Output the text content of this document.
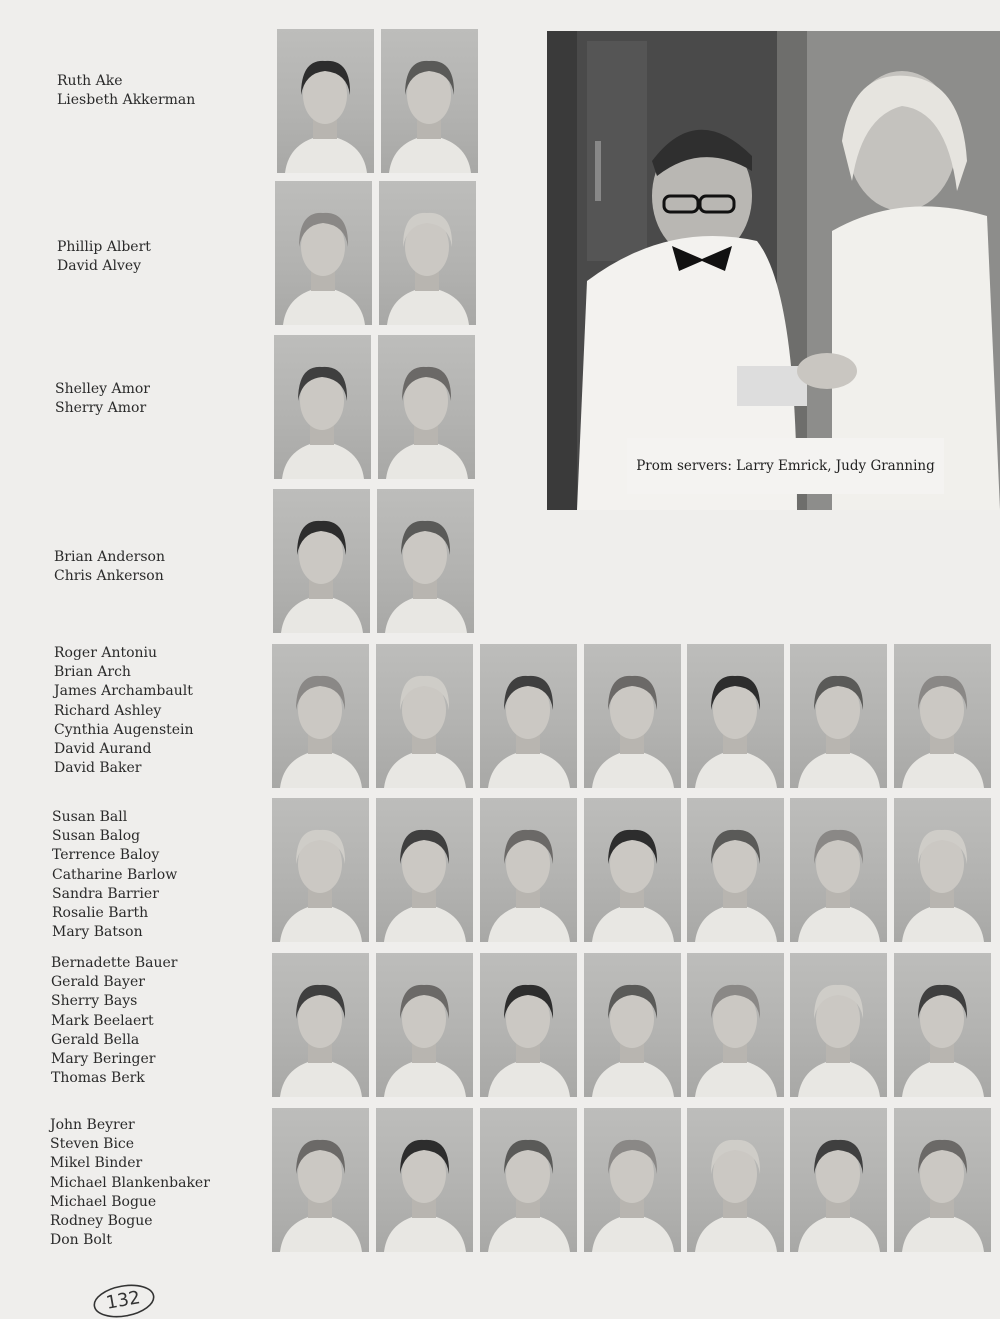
Ruth Ake
Liesbeth Akkerman
Phillip Albert
David Alvey
Shelley Amor
Sherry Amor
Brian Anderson
Chris Ankerson
Roger Antoniu
Brian Arch
James Archambault
Richard Ashley
Cynthia Augenstein
David Aurand
David Baker
Susan Ball
Susan Balog
Terrence Baloy
Catharine Barlow
Sandra Barrier
Rosalie Barth
Mary Batson
Bernadette Bauer
Gerald Bayer
Sherry Bays
Mark Beelaert
Gerald Bella
Mary Beringer
Thomas Berk
John Beyrer
Steven Bice
Mikel Binder
Michael Blankenbaker
Michael Bogue
Rodney Bogue
Don Bolt
Prom servers: Larry Emrick, Judy Granning
132
